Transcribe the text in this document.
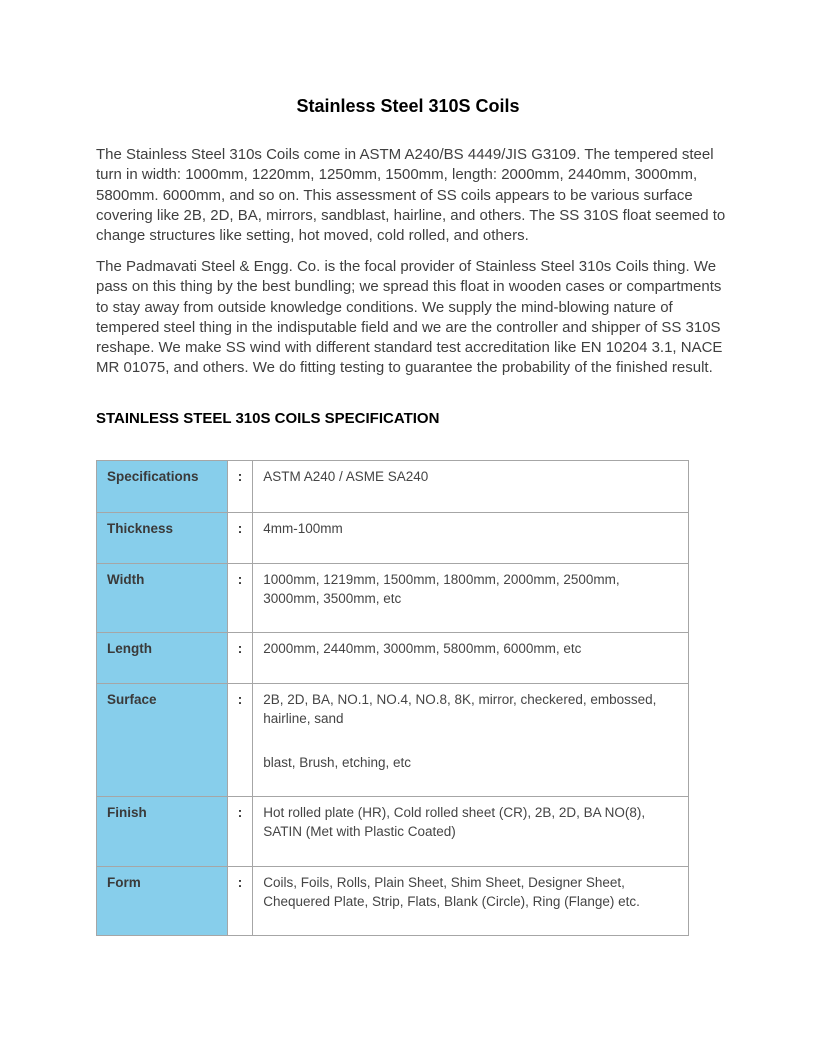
Stainless Steel 310S Coils

The Stainless Steel 310s Coils come in ASTM A240/BS 4449/JIS G3109. The tempered steel turn in width: 1000mm, 1220mm, 1250mm, 1500mm, length: 2000mm, 2440mm, 3000mm, 5800mm. 6000mm, and so on. This assessment of SS coils appears to be various surface covering like 2B, 2D, BA, mirrors, sandblast, hairline, and others. The SS 310S float seemed to change structures like setting, hot moved, cold rolled, and others.

The Padmavati Steel & Engg. Co. is the focal provider of Stainless Steel 310s Coils thing. We pass on this thing by the best bundling; we spread this float in wooden cases or compartments to stay away from outside knowledge conditions. We supply the mind-blowing nature of tempered steel thing in the indisputable field and we are the controller and shipper of SS 310S reshape. We make SS wind with different standard test accreditation like EN 10204 3.1, NACE MR 01075, and others. We do fitting testing to guarantee the probability of the finished result.

STAINLESS STEEL 310S COILS SPECIFICATION
Specifications	:	ASTM A240 / ASME SA240
Thickness	:	4mm-100mm
Width	:	1000mm, 1219mm, 1500mm, 1800mm, 2000mm, 2500mm, 3000mm, 3500mm, etc
Length	:	2000mm, 2440mm, 3000mm, 5800mm, 6000mm, etc
Surface	:	2B, 2D, BA, NO.1, NO.4, NO.8, 8K, mirror, checkered, embossed, hairline, sand
blast, Brush, etching, etc
Finish	:	Hot rolled plate (HR), Cold rolled sheet (CR), 2B, 2D, BA NO(8), SATIN (Met with Plastic Coated)
Form	:	Coils, Foils, Rolls, Plain Sheet, Shim Sheet, Designer Sheet, Chequered Plate, Strip, Flats, Blank (Circle), Ring (Flange) etc.
